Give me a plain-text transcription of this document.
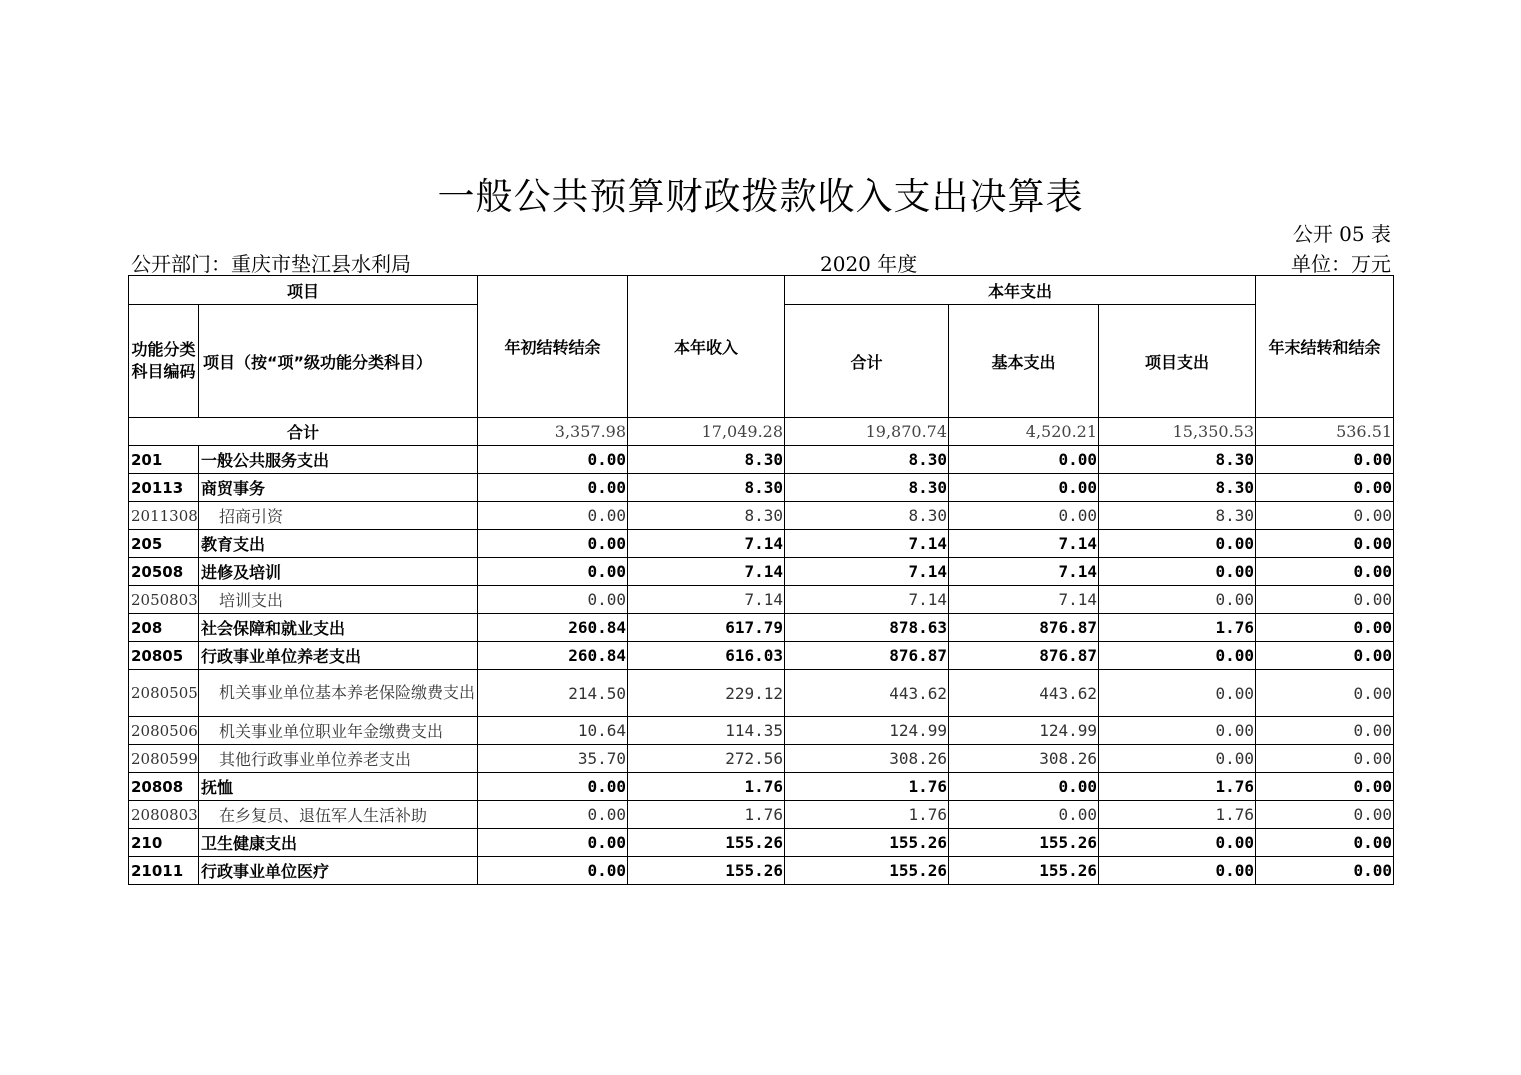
一般公共预算财政拨款收入支出决算表
公开 05 表
公开部门：重庆市垫江县水利局	2020 年度	单位：万元
项目		年初结转结余	本年收入	本年支出			年末结转和结余
功能分类科目编码	项目（按“项”级功能分类科目）			合计	基本支出	项目支出	
合计		3,357.98	17,049.28	19,870.74	4,520.21	15,350.53	536.51
201	一般公共服务支出	0.00	8.30	8.30	0.00	8.30	0.00
20113	商贸事务	0.00	8.30	8.30	0.00	8.30	0.00
2011308	招商引资	0.00	8.30	8.30	0.00	8.30	0.00
205	教育支出	0.00	7.14	7.14	7.14	0.00	0.00
20508	进修及培训	0.00	7.14	7.14	7.14	0.00	0.00
2050803	培训支出	0.00	7.14	7.14	7.14	0.00	0.00
208	社会保障和就业支出	260.84	617.79	878.63	876.87	1.76	0.00
20805	行政事业单位养老支出	260.84	616.03	876.87	876.87	0.00	0.00
2080505	机关事业单位基本养老保险缴费支出	214.50	229.12	443.62	443.62	0.00	0.00
2080506	机关事业单位职业年金缴费支出	10.64	114.35	124.99	124.99	0.00	0.00
2080599	其他行政事业单位养老支出	35.70	272.56	308.26	308.26	0.00	0.00
20808	抚恤	0.00	1.76	1.76	0.00	1.76	0.00
2080803	在乡复员、退伍军人生活补助	0.00	1.76	1.76	0.00	1.76	0.00
210	卫生健康支出	0.00	155.26	155.26	155.26	0.00	0.00
21011	行政事业单位医疗	0.00	155.26	155.26	155.26	0.00	0.00
